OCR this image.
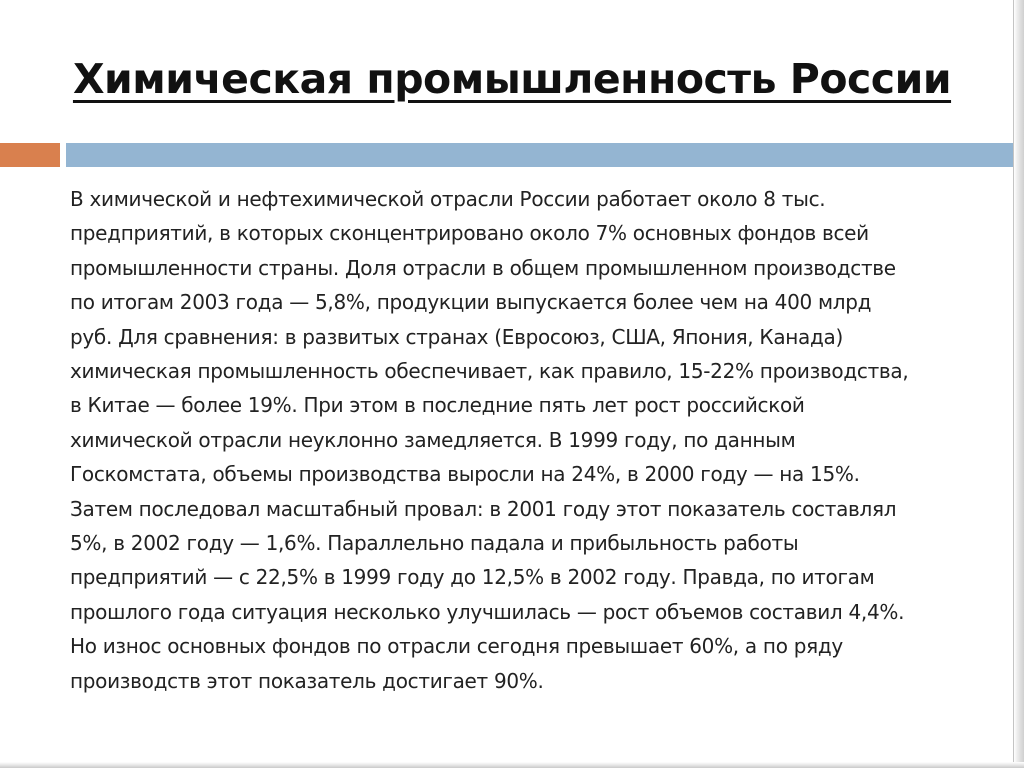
Химическая промышленность России

В химической и нефтехимической отрасли России работает около 8 тыс.
предприятий, в которых сконцентрировано около 7% основных фондов всей
промышленности страны. Доля отрасли в общем промышленном производстве
по итогам 2003 года — 5,8%, продукции выпускается более чем на 400 млрд
руб. Для сравнения: в развитых странах (Евросоюз, США, Япония, Канада)
химическая промышленность обеспечивает, как правило, 15-22% производства,
в Китае — более 19%. При этом в последние пять лет рост российской
химической отрасли неуклонно замедляется. В 1999 году, по данным
Госкомстата, объемы производства выросли на 24%, в 2000 году — на 15%.
Затем последовал масштабный провал: в 2001 году этот показатель составлял
5%, в 2002 году — 1,6%. Параллельно падала и прибыльность работы
предприятий — с 22,5% в 1999 году до 12,5% в 2002 году. Правда, по итогам
прошлого года ситуация несколько улучшилась — рост объемов составил 4,4%.
Но износ основных фондов по отрасли сегодня превышает 60%, а по ряду
производств этот показатель достигает 90%.
